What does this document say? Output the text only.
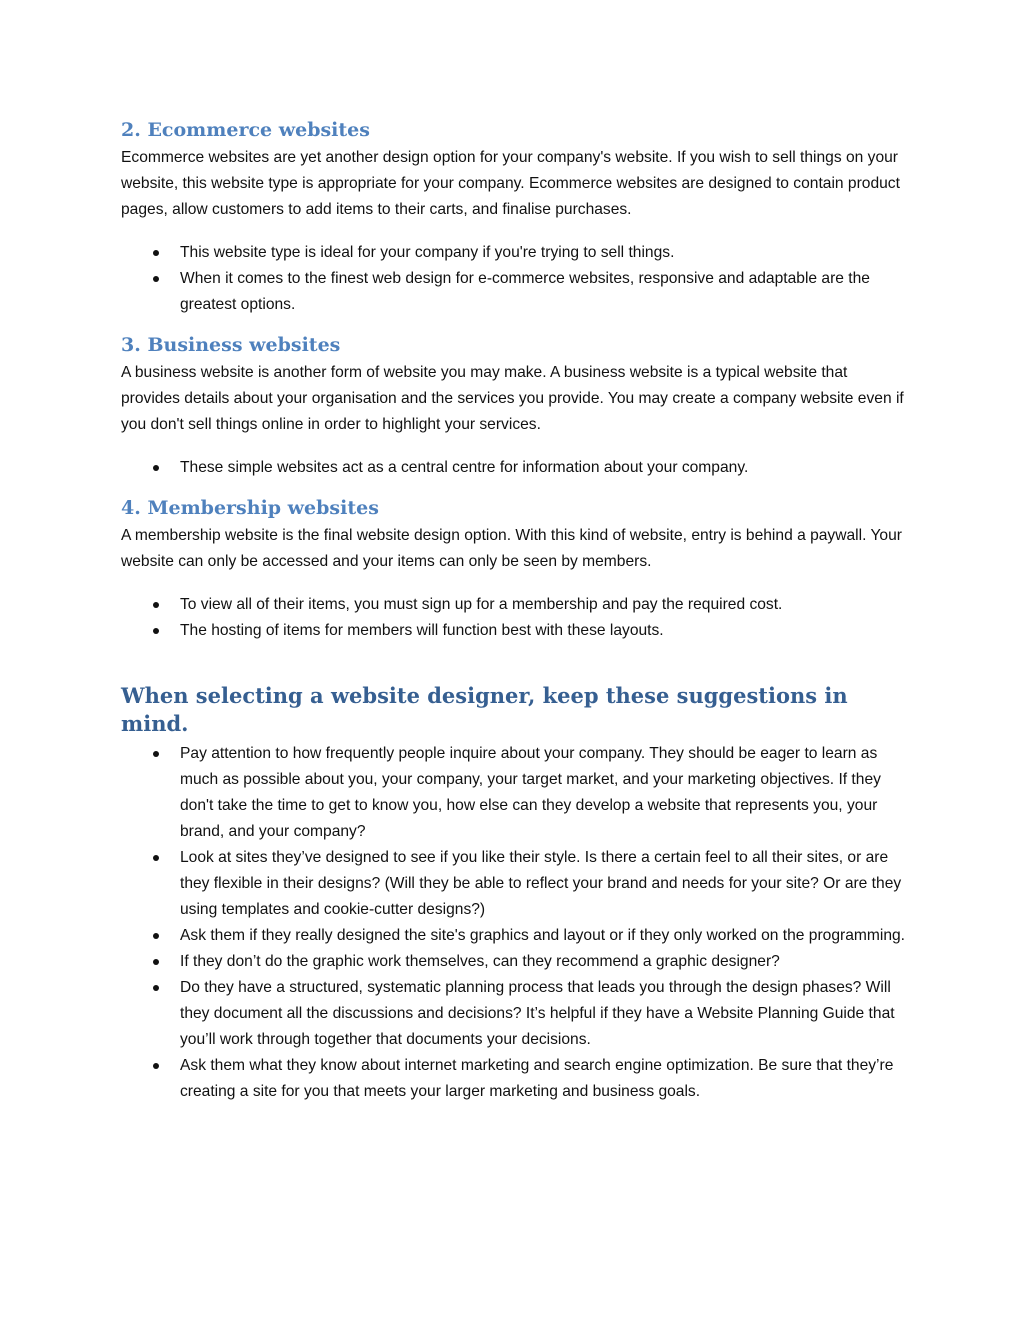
2. Ecommerce websites

Ecommerce websites are yet another design option for your company's website. If you wish to sell things on your website, this website type is appropriate for your company. Ecommerce websites are designed to contain product pages, allow customers to add items to their carts, and finalise purchases.

This website type is ideal for your company if you're trying to sell things.
When it comes to the finest web design for e-commerce websites, responsive and adaptable are the greatest options.
3. Business websites

A business website is another form of website you may make. A business website is a typical website that provides details about your organisation and the services you provide. You may create a company website even if you don't sell things online in order to highlight your services.

These simple websites act as a central centre for information about your company.
4. Membership websites

A membership website is the final website design option. With this kind of website, entry is behind a paywall. Your website can only be accessed and your items can only be seen by members.

To view all of their items, you must sign up for a membership and pay the required cost.
The hosting of items for members will function best with these layouts.
When selecting a website designer, keep these suggestions in mind.
Pay attention to how frequently people inquire about your company. They should be eager to learn as much as possible about you, your company, your target market, and your marketing objectives. If they don't take the time to get to know you, how else can they develop a website that represents you, your brand, and your company?
Look at sites they’ve designed to see if you like their style. Is there a certain feel to all their sites, or are they flexible in their designs? (Will they be able to reflect your brand and needs for your site? Or are they using templates and cookie-cutter designs?)
Ask them if they really designed the site's graphics and layout or if they only worked on the programming.
If they don’t do the graphic work themselves, can they recommend a graphic designer?
Do they have a structured, systematic planning process that leads you through the design phases? Will they document all the discussions and decisions? It’s helpful if they have a Website Planning Guide that you’ll work through together that documents your decisions.
Ask them what they know about internet marketing and search engine optimization. Be sure that they’re creating a site for you that meets your larger marketing and business goals.
